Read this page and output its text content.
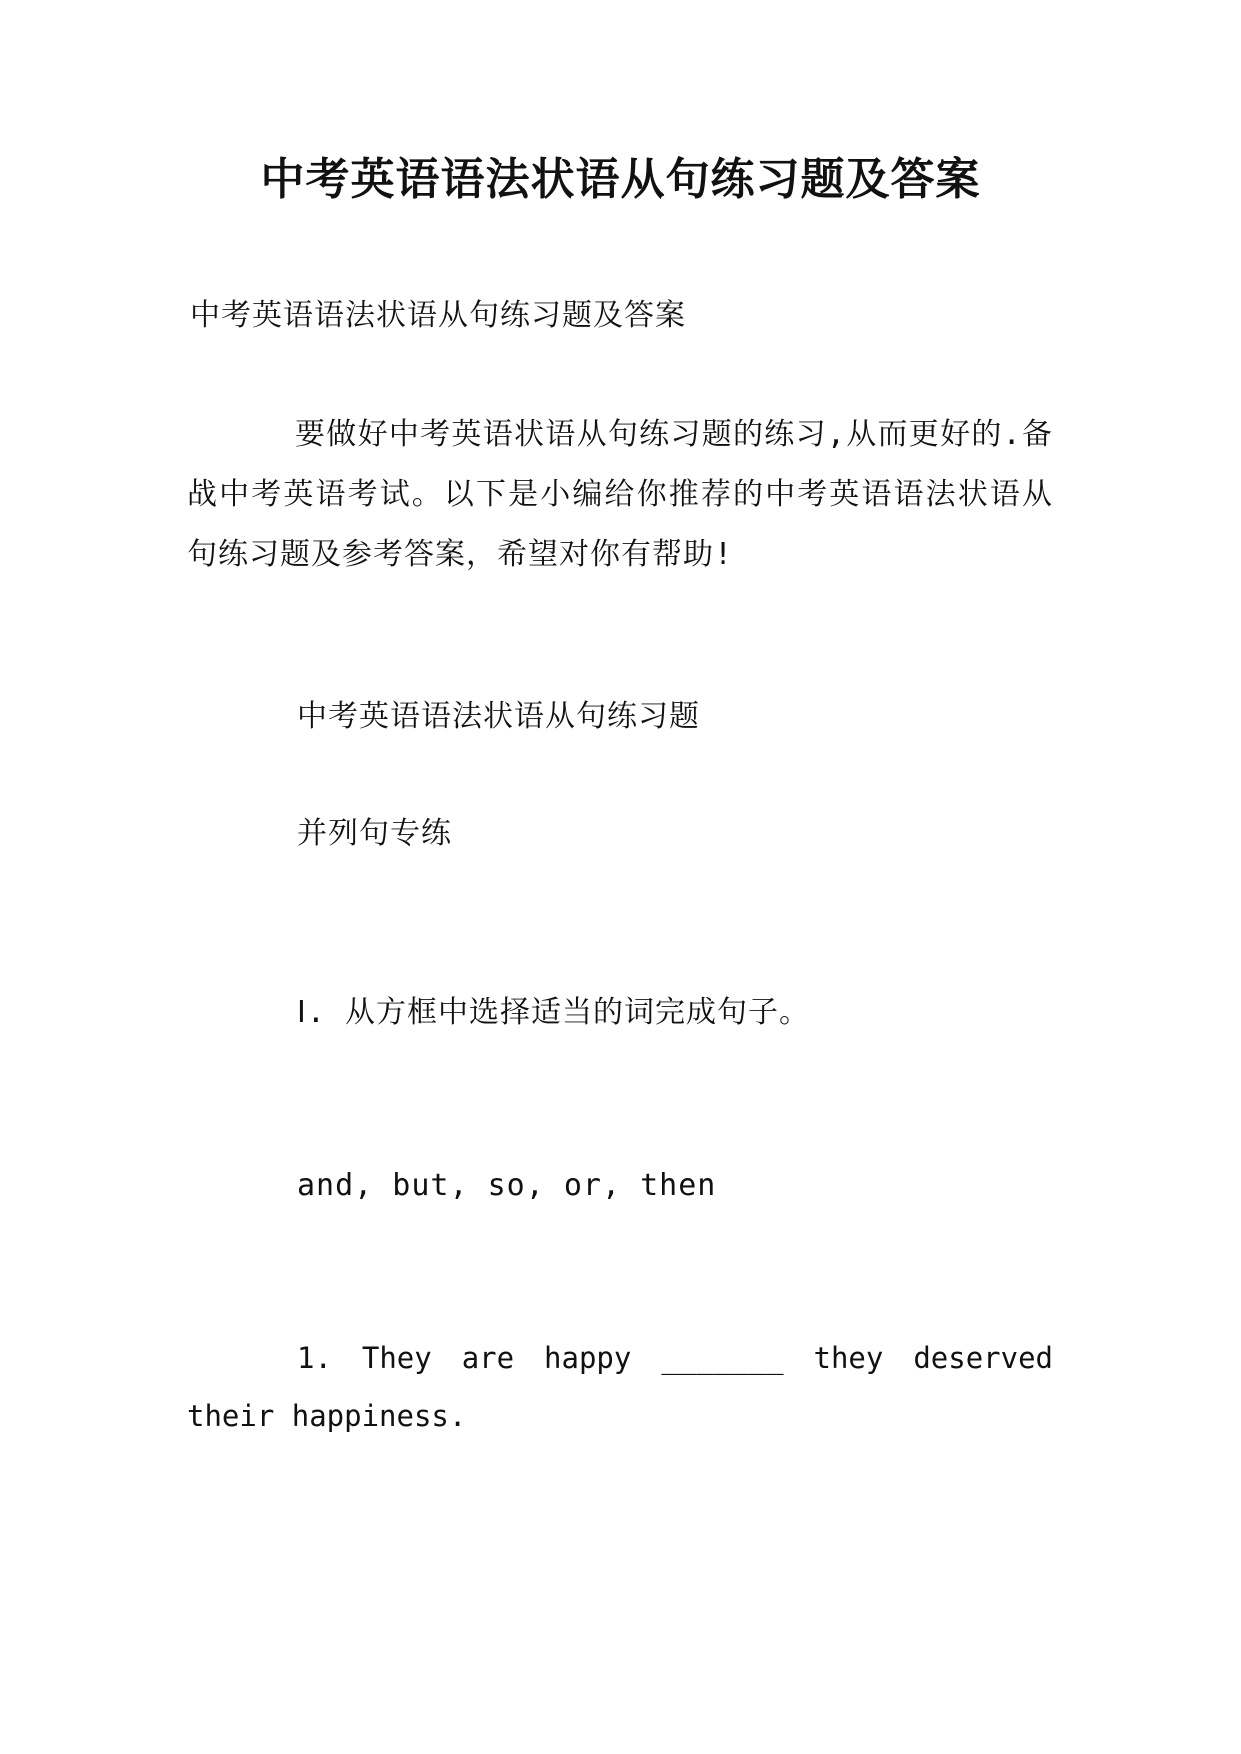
中考英语语法状语从句练习题及答案
中考英语语法状语从句练习题及答案
要做好中考英语状语从句练习题的练习,从而更好的.备战中考英语考试。以下是小编给你推荐的中考英语语法状语从句练习题及参考答案，希望对你有帮助!
中考英语语法状语从句练习题
并列句专练
Ⅰ. 从方框中选择适当的词完成句子。
and, but, so, or, then
1. They are happy _______ they deserved their happiness.
